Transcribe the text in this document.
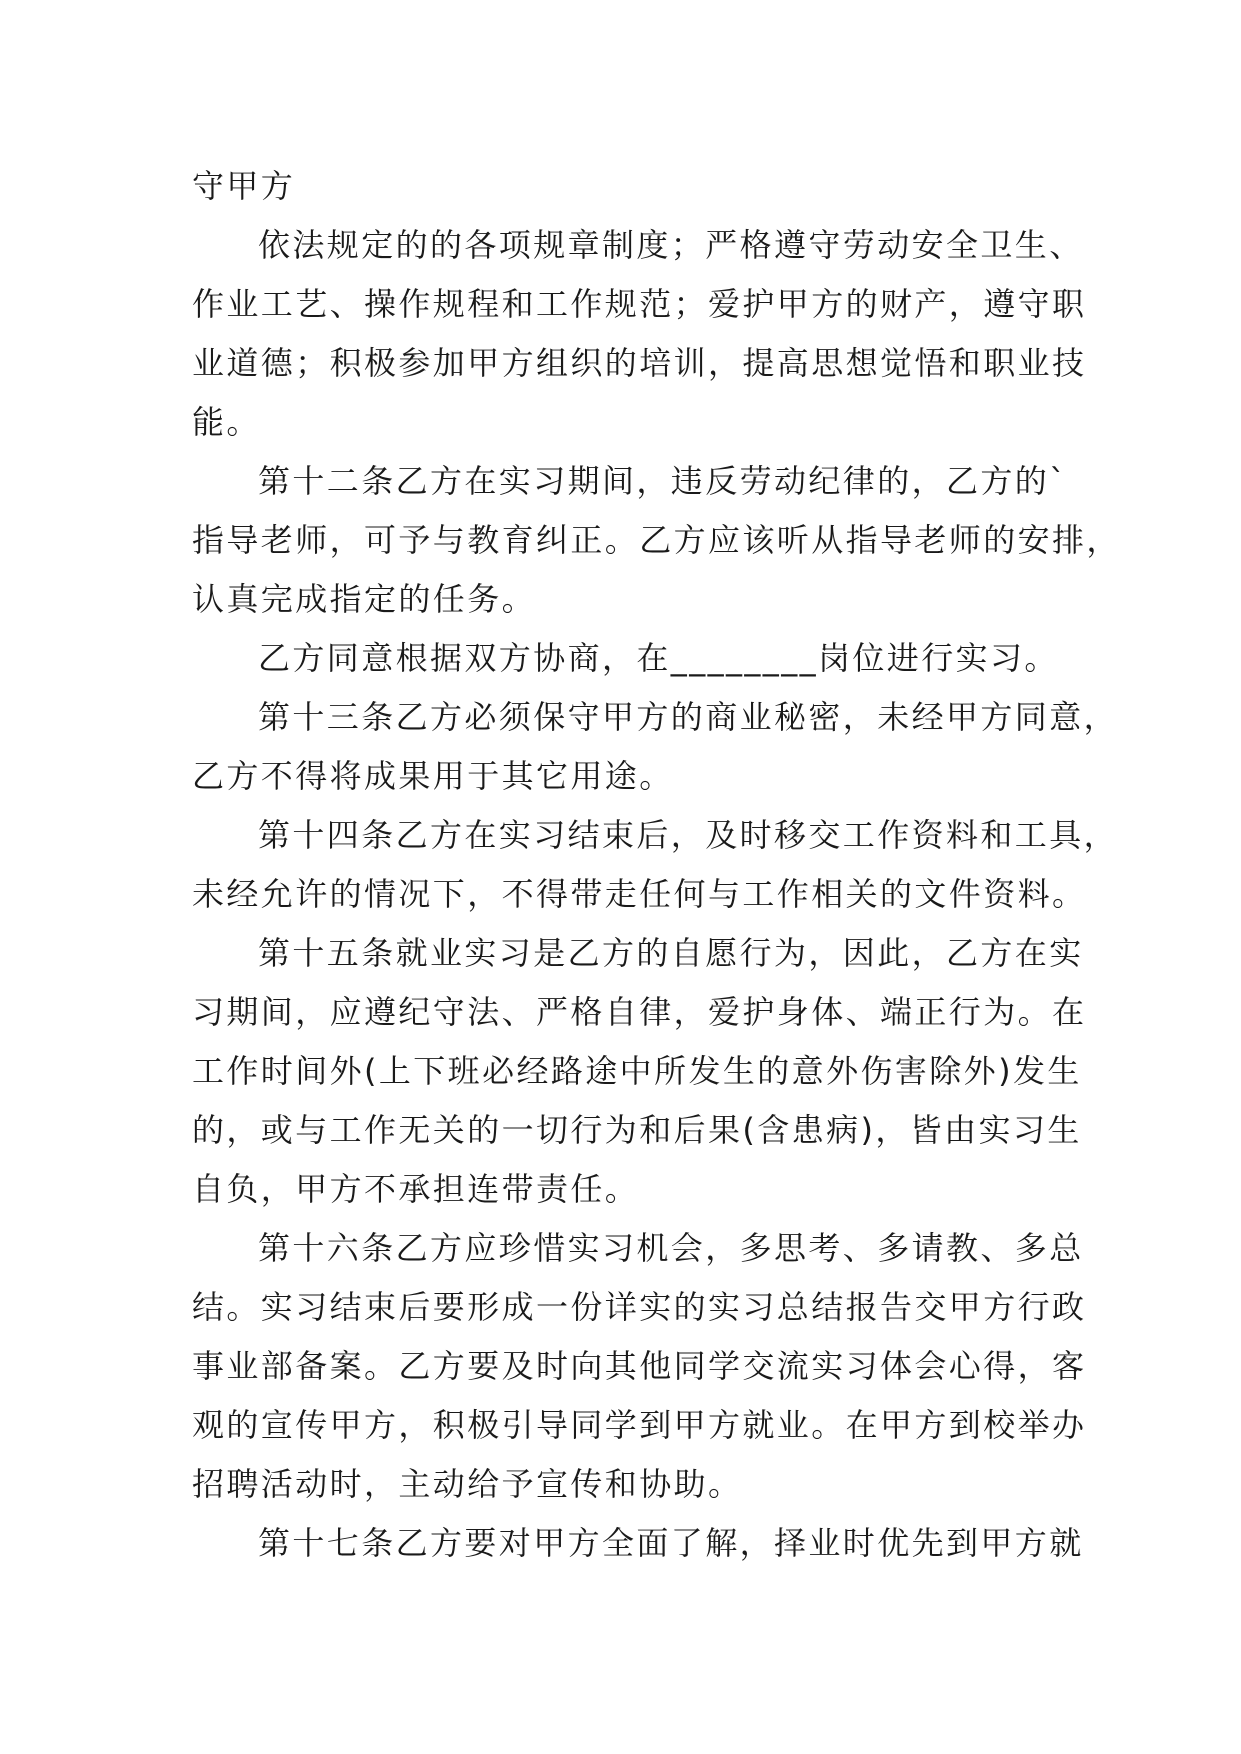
守甲方
依法规定的的各项规章制度；严格遵守劳动安全卫生、
作业工艺、操作规程和工作规范；爱护甲方的财产，遵守职
业道德；积极参加甲方组织的培训，提高思想觉悟和职业技
能。
第十二条乙方在实习期间，违反劳动纪律的，乙方的`
指导老师，可予与教育纠正。乙方应该听从指导老师的安排，
认真完成指定的任务。
乙方同意根据双方协商，在________岗位进行实习。
第十三条乙方必须保守甲方的商业秘密，未经甲方同意，
乙方不得将成果用于其它用途。
第十四条乙方在实习结束后，及时移交工作资料和工具，
未经允许的情况下，不得带走任何与工作相关的文件资料。
第十五条就业实习是乙方的自愿行为，因此，乙方在实
习期间，应遵纪守法、严格自律，爱护身体、端正行为。在
工作时间外(上下班必经路途中所发生的意外伤害除外)发生
的，或与工作无关的一切行为和后果(含患病)，皆由实习生
自负，甲方不承担连带责任。
第十六条乙方应珍惜实习机会，多思考、多请教、多总
结。实习结束后要形成一份详实的实习总结报告交甲方行政
事业部备案。乙方要及时向其他同学交流实习体会心得，客
观的宣传甲方，积极引导同学到甲方就业。在甲方到校举办
招聘活动时，主动给予宣传和协助。
第十七条乙方要对甲方全面了解，择业时优先到甲方就
